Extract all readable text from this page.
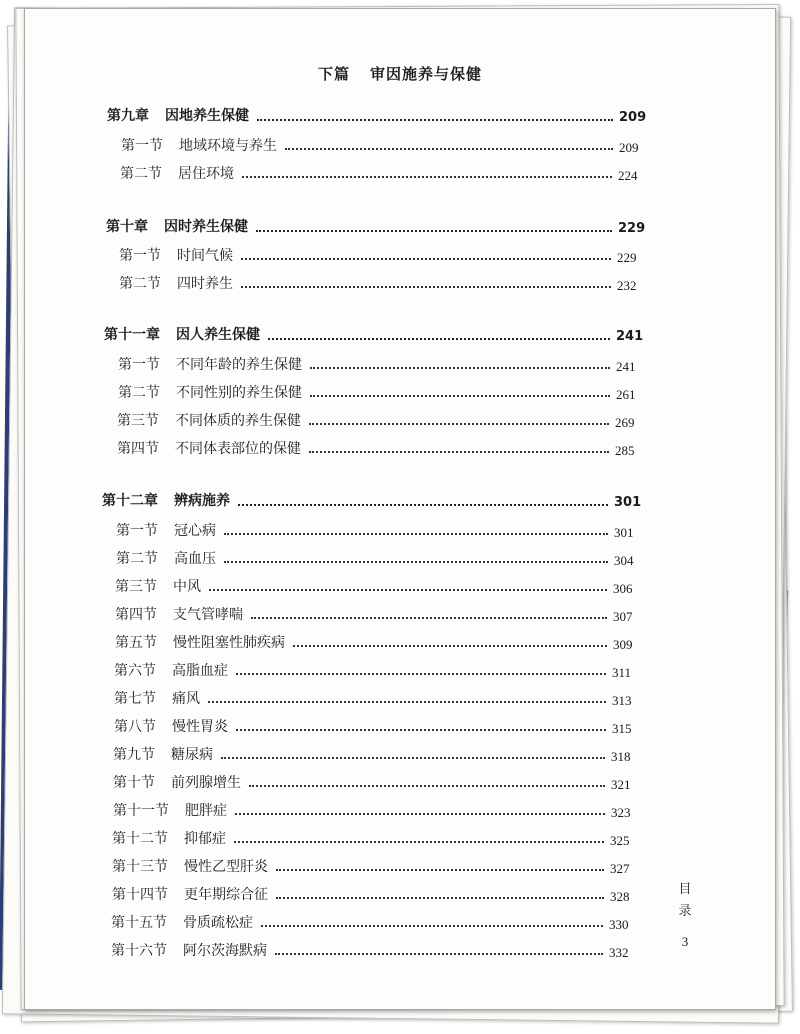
下篇 审因施养与保健
第九章 因地养生保健	209
第一节 地域环境与养生	209
第二节 居住环境	224
第十章 因时养生保健	229
第一节 时间气候	229
第二节 四时养生	232
第十一章 因人养生保健	241
第一节 不同年龄的养生保健	241
第二节 不同性别的养生保健	261
第三节 不同体质的养生保健	269
第四节 不同体表部位的保健	285
第十二章 辨病施养	301
第一节 冠心病	301
第二节 高血压	304
第三节 中风	306
第四节 支气管哮喘	307
第五节 慢性阻塞性肺疾病	309
第六节 高脂血症	311
第七节 痛风	313
第八节 慢性胃炎	315
第九节 糖尿病	318
第十节 前列腺增生	321
第十一节 肥胖症	323
第十二节 抑郁症	325
第十三节 慢性乙型肝炎	327
第十四节 更年期综合征	328
第十五节 骨质疏松症	330
第十六节 阿尔茨海默病	332
目
录
3
